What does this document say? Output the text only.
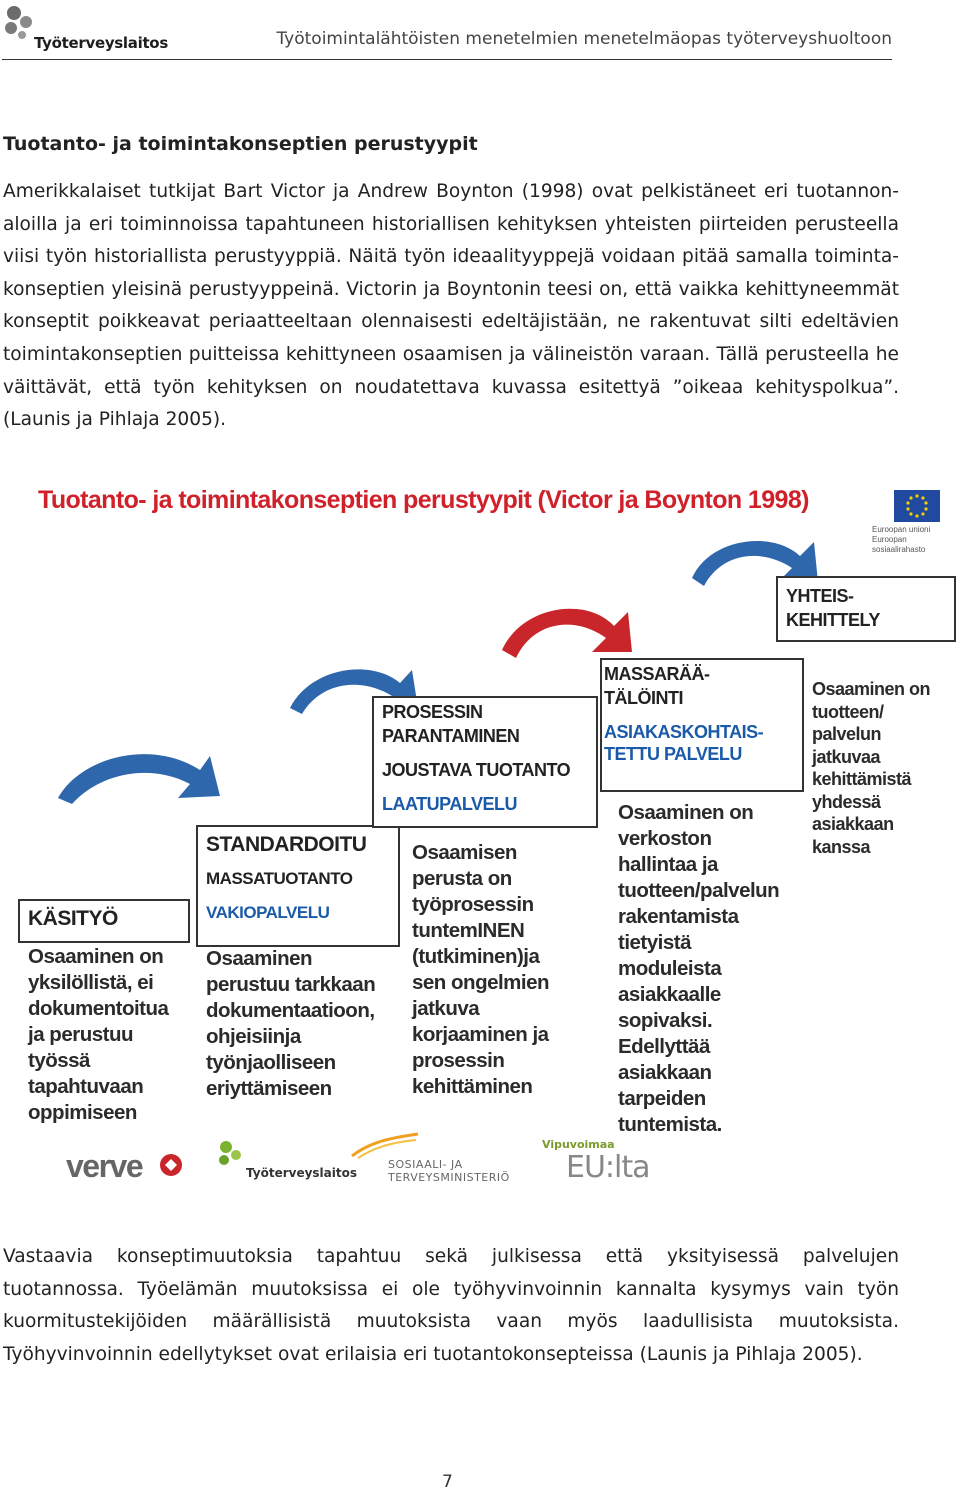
Työterveyslaitos	Työtoimintalähtöisten menetelmien menetelmäopas työterveyshuoltoon
Tuotanto- ja toimintakonseptien perustyypit

Amerikkalaiset tutkijat Bart Victor ja Andrew Boynton (1998) ovat pelkistäneet eri tuotannon-aloilla ja eri toiminnoissa tapahtuneen historiallisen kehityksen yhteisten piirteiden perusteella viisi työn historiallista perustyyppiä. Näitä työn ideaalityyppejä voidaan pitää samalla toiminta-konseptien yleisinä perustyyppeinä. Victorin ja Boyntonin teesi on, että vaikka kehittyneemmät konseptit poikkeavat periaatteeltaan olennaisesti edeltäjistään, ne rakentuvat silti edeltävien toimintakonseptien puitteissa kehittyneen osaamisen ja välineistön varaan. Tällä perusteella he väittävät, että työn kehityksen on noudatettava kuvassa esitettyä ”oikeaa kehityspolkua”. (Launis ja Pihlaja 2005).

Tuotanto- ja toimintakonseptien perustyypit (Victor ja Boynton 1998)
Euroopan unioni
Euroopan sosiaalirahasto
KÄSITYÖ
Osaaminen on
yksilöllistä, ei
dokumentoitua
ja perustuu
työssä
tapahtuvaan
oppimiseen
STANDARDOITU
MASSATUOTANTO
VAKIOPALVELU
Osaaminen
perustuu tarkkaan
dokumentaatioon,
ohjeisiinja
työnjaolliseen
eriyttämiseen
PROSESSIN
PARANTAMINEN
JOUSTAVA TUOTANTO
LAATUPALVELU
Osaamisen
perusta on
työprosessin
tuntemINEN
(tutkiminen)ja
sen ongelmien
jatkuva
korjaaminen ja
prosessin
kehittäminen
MASSARÄÄ-
TÄLÖINTI
ASIAKASKOHTAIS-
TETTU PALVELU
Osaaminen on
verkoston
hallintaa ja
tuotteen/palvelun
rakentamista
tietyistä
moduleista
asiakkaalle
sopivaksi.
Edellyttää
asiakkaan
tarpeiden
tuntemista.
YHTEIS-
KEHITTELY
Osaaminen on
tuotteen/
palvelun
jatkuvaa
kehittämistä
yhdessä
asiakkaan
kanssa
verve	Työterveyslaitos
SOSIAALI- JA
TERVEYSMINISTERIÖ
Vipuvoimaa
EU:lta

Vastaavia konseptimuutoksia tapahtuu sekä julkisessa että yksityisessä palvelujen tuotannossa. Työelämän muutoksissa ei ole työhyvinvoinnin kannalta kysymys vain työn kuormitustekijöiden määrällisistä muutoksista vaan myös laadullisista muutoksista. Työhyvinvoinnin edellytykset ovat erilaisia eri tuotantokonsepteissa (Launis ja Pihlaja 2005).

7
